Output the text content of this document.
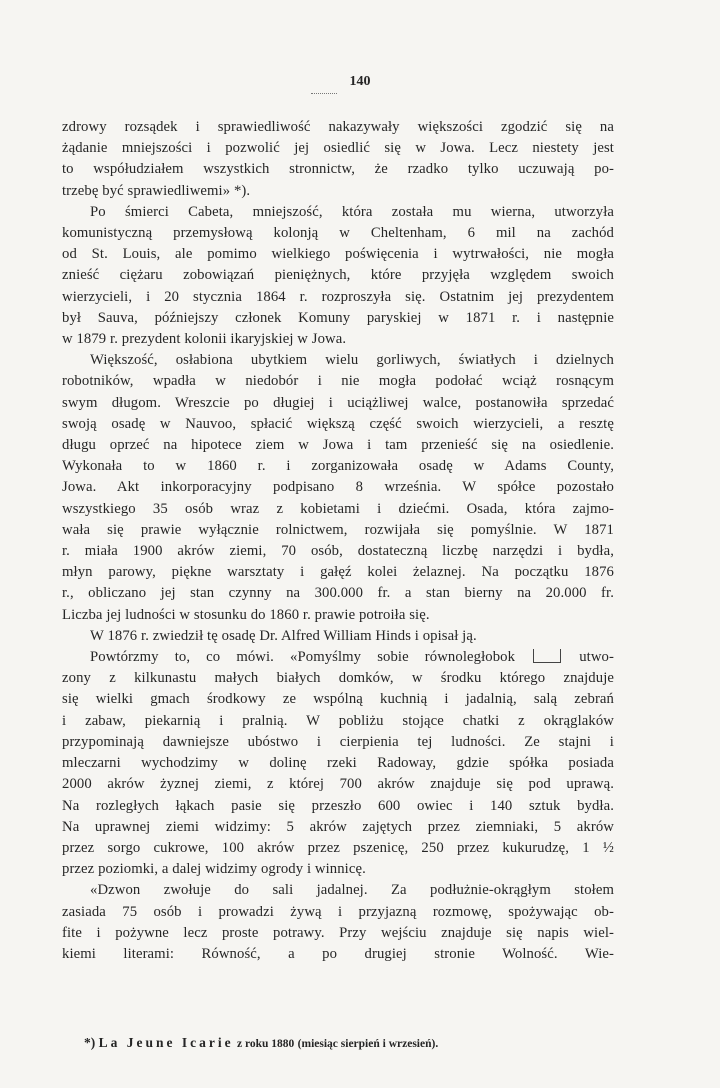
140
zdrowy rozsądek i sprawiedliwość nakazywały większości zgodzić się na
żądanie mniejszości i pozwolić jej osiedlić się w Jowa. Lecz niestety jest
to współudziałem wszystkich stronnictw, że rzadko tylko uczuwają po-
trzebę być sprawiedliwemi» *).
Po śmierci Cabeta, mniejszość, która została mu wierna, utworzyła
komunistyczną przemysłową kolonją w Cheltenham, 6 mil na zachód
od St. Louis, ale pomimo wielkiego poświęcenia i wytrwałości, nie mogła
znieść ciężaru zobowiązań pieniężnych, które przyjęła względem swoich
wierzycieli, i 20 stycznia 1864 r. rozproszyła się. Ostatnim jej prezydentem
był Sauva, późniejszy członek Komuny paryskiej w 1871 r. i następnie
w 1879 r. prezydent kolonii ikaryjskiej w Jowa.
Większość, osłabiona ubytkiem wielu gorliwych, światłych i dzielnych
robotników, wpadła w niedobór i nie mogła podołać wciąż rosnącym
swym długom. Wreszcie po długiej i uciążliwej walce, postanowiła sprzedać
swoją osadę w Nauvoo, spłacić większą część swoich wierzycieli, a resztę
długu oprzeć na hipotece ziem w Jowa i tam przenieść się na osiedlenie.
Wykonała to w 1860 r. i zorganizowała osadę w Adams County,
Jowa. Akt inkorporacyjny podpisano 8 września. W spółce pozostało
wszystkiego 35 osób wraz z kobietami i dziećmi. Osada, która zajmo-
wała się prawie wyłącznie rolnictwem, rozwijała się pomyślnie. W 1871
r. miała 1900 akrów ziemi, 70 osób, dostateczną liczbę narzędzi i bydła,
młyn parowy, piękne warsztaty i gałęź kolei żelaznej. Na początku 1876
r., obliczano jej stan czynny na 300.000 fr. a stan bierny na 20.000 fr.
Liczba jej ludności w stosunku do 1860 r. prawie potroiła się.
W 1876 r. zwiedził tę osadę Dr. Alfred William Hinds i opisał ją.
Powtórzmy to, co mówi. «Pomyślmy sobie równoległobok	utwo-
zony z kilkunastu małych białych domków, w środku którego znajduje
się wielki gmach środkowy ze wspólną kuchnią i jadalnią, salą zebrań
i zabaw, piekarnią i pralnią. W pobliżu stojące chatki z okrąglaków
przypominają dawniejsze ubóstwo i cierpienia tej ludności. Ze stajni i
mleczarni wychodzimy w dolinę rzeki Radoway, gdzie spółka posiada
2000 akrów żyznej ziemi, z której 700 akrów znajduje się pod uprawą.
Na rozległych łąkach pasie się przeszło 600 owiec i 140 sztuk bydła.
Na uprawnej ziemi widzimy: 5 akrów zajętych przez ziemniaki, 5 akrów
przez sorgo cukrowe, 100 akrów przez pszenicę, 250 przez kukurudzę, 1 ½
przez poziomki, a dalej widzimy ogrody i winnicę.
«Dzwon zwołuje do sali jadalnej. Za podłużnie-okrągłym stołem
zasiada 75 osób i prowadzi żywą i przyjazną rozmowę, spożywając ob-
fite i pożywne lecz proste potrawy. Przy wejściu znajduje się napis wiel-
kiemi literami: Równość, a po drugiej stronie Wolność. Wie-
*) La Jeune Icarie z roku 1880 (miesiąc sierpień i wrzesień).
